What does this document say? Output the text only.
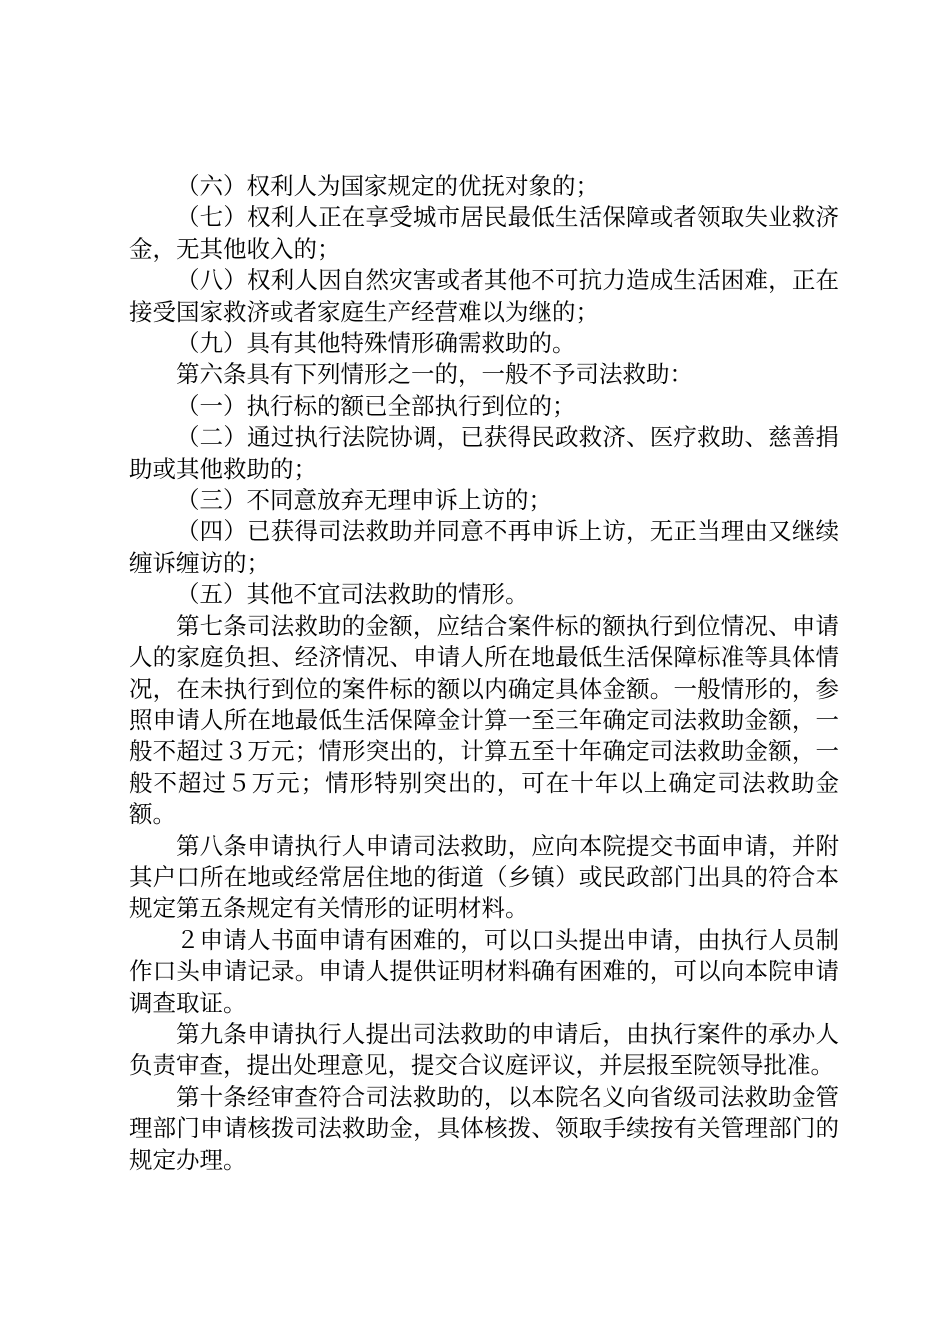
（六）权利人为国家规定的优抚对象的；

（七）权利人正在享受城市居民最低生活保障或者领取失业救济金，无其他收入的；

（八）权利人因自然灾害或者其他不可抗力造成生活困难，正在接受国家救济或者家庭生产经营难以为继的；

（九）具有其他特殊情形确需救助的。

第六条具有下列情形之一的，一般不予司法救助：

（一）执行标的额已全部执行到位的；

（二）通过执行法院协调，已获得民政救济、医疗救助、慈善捐助或其他救助的；

（三）不同意放弃无理申诉上访的；

（四）已获得司法救助并同意不再申诉上访，无正当理由又继续缠诉缠访的；

（五）其他不宜司法救助的情形。

第七条司法救助的金额，应结合案件标的额执行到位情况、申请人的家庭负担、经济情况、申请人所在地最低生活保障标准等具体情况，在未执行到位的案件标的额以内确定具体金额。一般情形的，参照申请人所在地最低生活保障金计算一至三年确定司法救助金额，一般不超过３万元；情形突出的，计算五至十年确定司法救助金额，一般不超过５万元；情形特别突出的，可在十年以上确定司法救助金额。

第八条申请执行人申请司法救助，应向本院提交书面申请，并附其户口所在地或经常居住地的街道（乡镇）或民政部门出具的符合本规定第五条规定有关情形的证明材料。

２申请人书面申请有困难的，可以口头提出申请，由执行人员制作口头申请记录。申请人提供证明材料确有困难的，可以向本院申请调查取证。

第九条申请执行人提出司法救助的申请后，由执行案件的承办人负责审查，提出处理意见，提交合议庭评议，并层报至院领导批准。

第十条经审查符合司法救助的，以本院名义向省级司法救助金管理部门申请核拨司法救助金，具体核拨、领取手续按有关管理部门的规定办理。
